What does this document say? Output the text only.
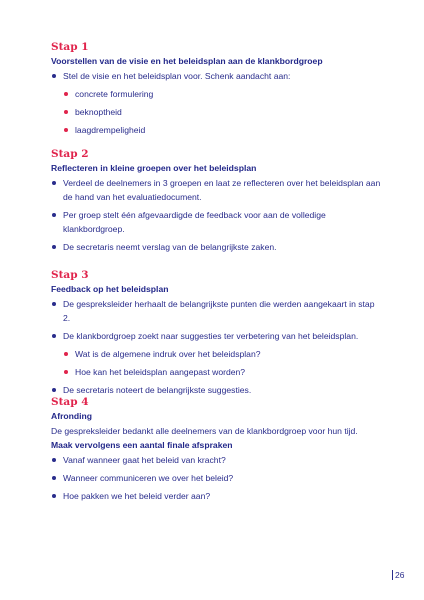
Stap 1

Voorstellen van de visie en het beleidsplan aan de klankbordgroep

Stel de visie en het beleidsplan voor. Schenk aandacht aan:
concrete formulering
beknoptheid
laagdrempeligheid

Stap 2

Reflecteren in kleine groepen over het beleidsplan

Verdeel de deelnemers in 3 groepen en laat ze reflecteren over het beleidsplan aan de hand van het evaluatiedocument.
Per groep stelt één afgevaardigde de feedback voor aan de volledige klankbordgroep.
De secretaris neemt verslag van de belangrijkste zaken.

Stap 3

Feedback op het beleidsplan

De gespreksleider herhaalt de belangrijkste punten die werden aangekaart in stap 2.
De klankbordgroep zoekt naar suggesties ter verbetering van het beleidsplan.
Wat is de algemene indruk over het beleidsplan?
Hoe kan het beleidsplan aangepast worden?
De secretaris noteert de belangrijkste suggesties.

Stap 4

Afronding

De gespreksleider bedankt alle deelnemers van de klankbordgroep voor hun tijd.

Maak vervolgens een aantal finale afspraken

Vanaf wanneer gaat het beleid van kracht?
Wanneer communiceren we over het beleid?
Hoe pakken we het beleid verder aan?
26
